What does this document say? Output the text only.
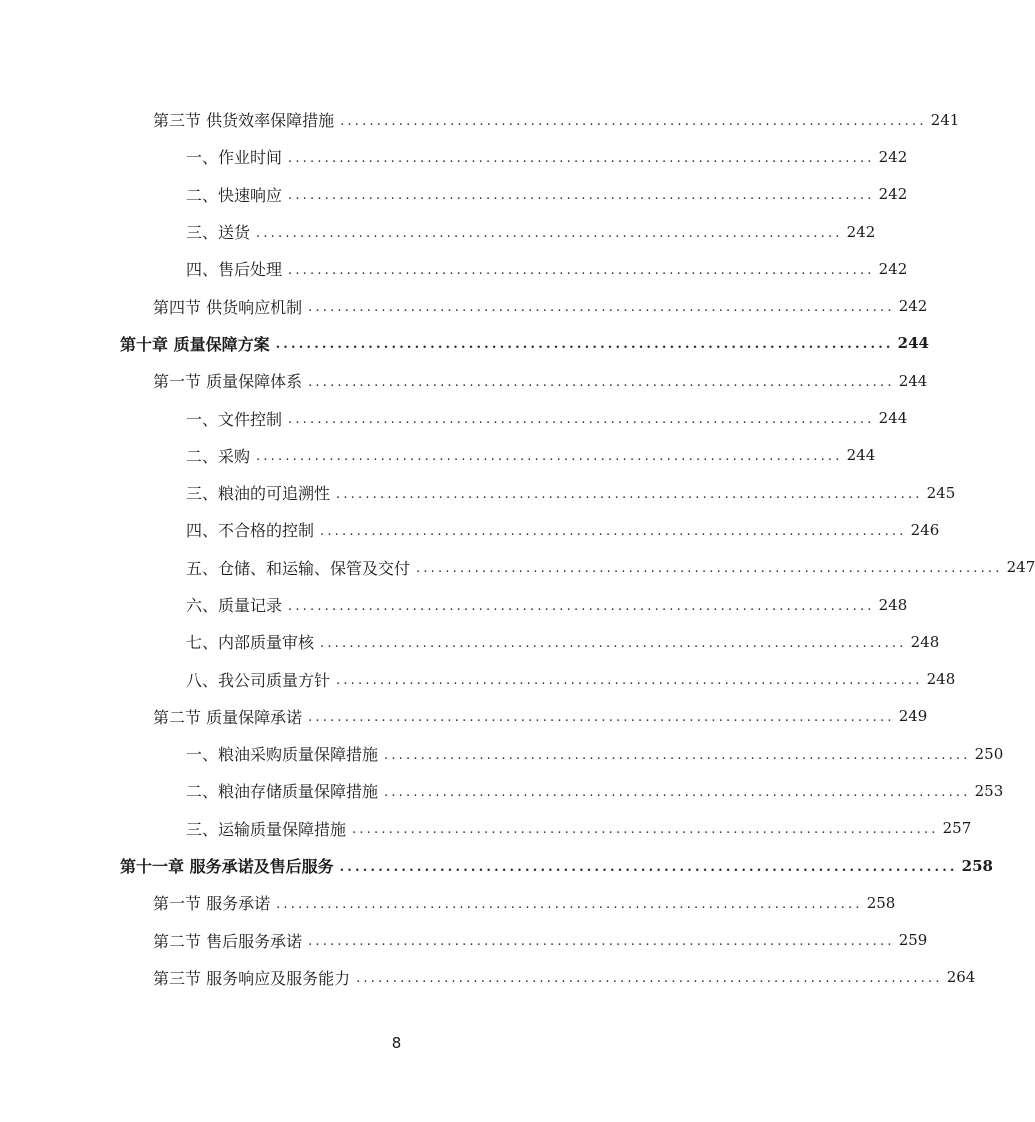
第三节 供货效率保障措施 ................................................................................ 241
一、作业时间 ................................................................................ 242
二、快速响应 ................................................................................ 242
三、送货 ................................................................................ 242
四、售后处理 ................................................................................ 242
第四节 供货响应机制 ................................................................................ 242
第十章 质量保障方案 ................................................................................ 244
第一节 质量保障体系 ................................................................................ 244
一、文件控制 ................................................................................ 244
二、采购 ................................................................................ 244
三、粮油的可追溯性 ................................................................................ 245
四、不合格的控制 ................................................................................ 246
五、仓储、和运输、保管及交付 ................................................................................ 247
六、质量记录 ................................................................................ 248
七、内部质量审核 ................................................................................ 248
八、我公司质量方针 ................................................................................ 248
第二节 质量保障承诺 ................................................................................ 249
一、粮油采购质量保障措施 ................................................................................ 250
二、粮油存储质量保障措施 ................................................................................ 253
三、运输质量保障措施 ................................................................................ 257
第十一章 服务承诺及售后服务 ................................................................................ 258
第一节 服务承诺 ................................................................................ 258
第二节 售后服务承诺 ................................................................................ 259
第三节 服务响应及服务能力 ................................................................................ 264
8
